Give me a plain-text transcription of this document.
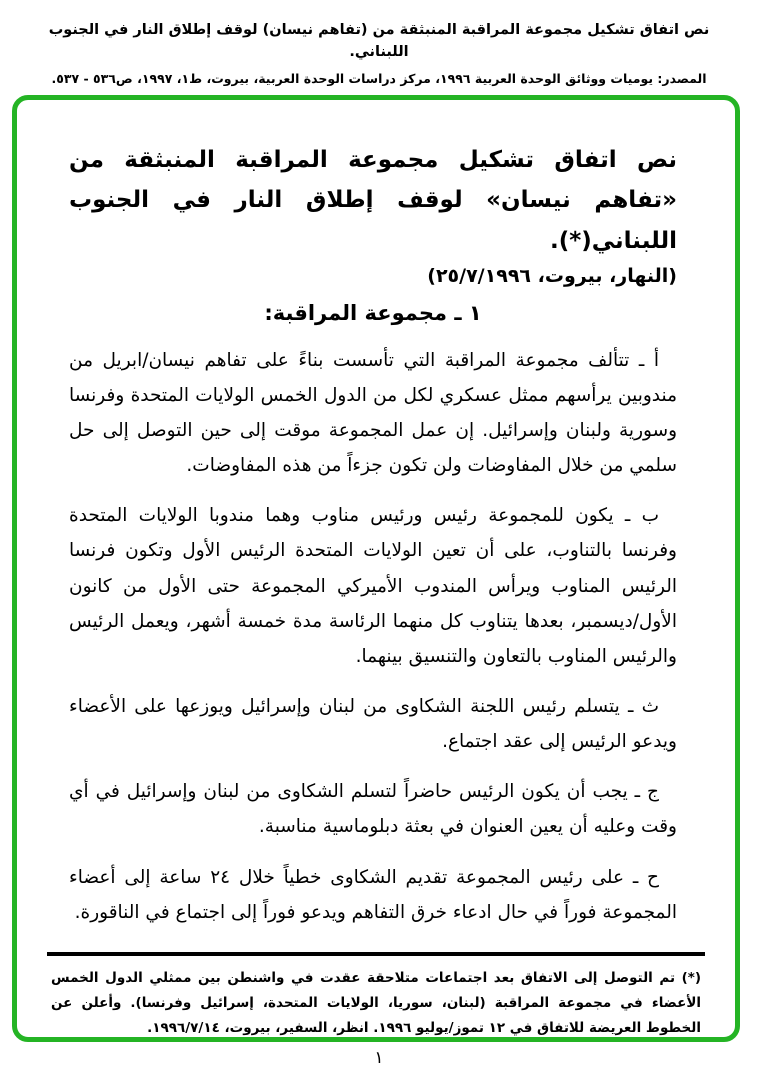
نص اتفاق تشكيل مجموعة المراقبة المنبثقة من (تفاهم نيسان) لوقف إطلاق النار في الجنوب اللبناني.
المصدر: يوميات ووثائق الوحدة العربية ١٩٩٦، مركز دراسات الوحدة العربية، بيروت، ط١، ١٩٩٧، ص٥٣٦ - ٥٣٧.
نص اتفاق تشكيل مجموعة المراقبة المنبثقة من «تفاهم نيسان» لوقف إطلاق النار في الجنوب اللبناني(*).
(النهار، بيروت، ٢٥/٧/١٩٩٦)
١ ـ مجموعة المراقبة:

أ ـ تتألف مجموعة المراقبة التي تأسست بناءً على تفاهم نيسان/ابريل من مندوبين يرأسهم ممثل عسكري لكل من الدول الخمس الولايات المتحدة وفرنسا وسورية ولبنان وإسرائيل. إن عمل المجموعة موقت إلى حين التوصل إلى حل سلمي من خلال المفاوضات ولن تكون جزءاً من هذه المفاوضات.

ب ـ يكون للمجموعة رئيس ورئيس مناوب وهما مندوبا الولايات المتحدة وفرنسا بالتناوب، على أن تعين الولايات المتحدة الرئيس الأول وتكون فرنسا الرئيس المناوب ويرأس المندوب الأميركي المجموعة حتى الأول من كانون الأول/ديسمبر، بعدها يتناوب كل منهما الرئاسة مدة خمسة أشهر، ويعمل الرئيس والرئيس المناوب بالتعاون والتنسيق بينهما.

ث ـ يتسلم رئيس اللجنة الشكاوى من لبنان وإسرائيل ويوزعها على الأعضاء ويدعو الرئيس إلى عقد اجتماع.

ج ـ يجب أن يكون الرئيس حاضراً لتسلم الشكاوى من لبنان وإسرائيل في أي وقت وعليه أن يعين العنوان في بعثة دبلوماسية مناسبة.

ح ـ على رئيس المجموعة تقديم الشكاوى خطياً خلال ٢٤ ساعة إلى أعضاء المجموعة فوراً في حال ادعاء خرق التفاهم ويدعو فوراً إلى اجتماع في الناقورة.

(*) تم التوصل إلى الاتفاق بعد اجتماعات متلاحقة عقدت في واشنطن بين ممثلي الدول الخمس الأعضاء في مجموعة المراقبة (لبنان، سوريا، الولايات المتحدة، إسرائيل وفرنسا). وأعلن عن الخطوط العريضة للاتفاق في ١٢ تموز/يوليو ١٩٩٦. انظر، السفير، بيروت، ١٩٩٦/٧/١٤.
١
